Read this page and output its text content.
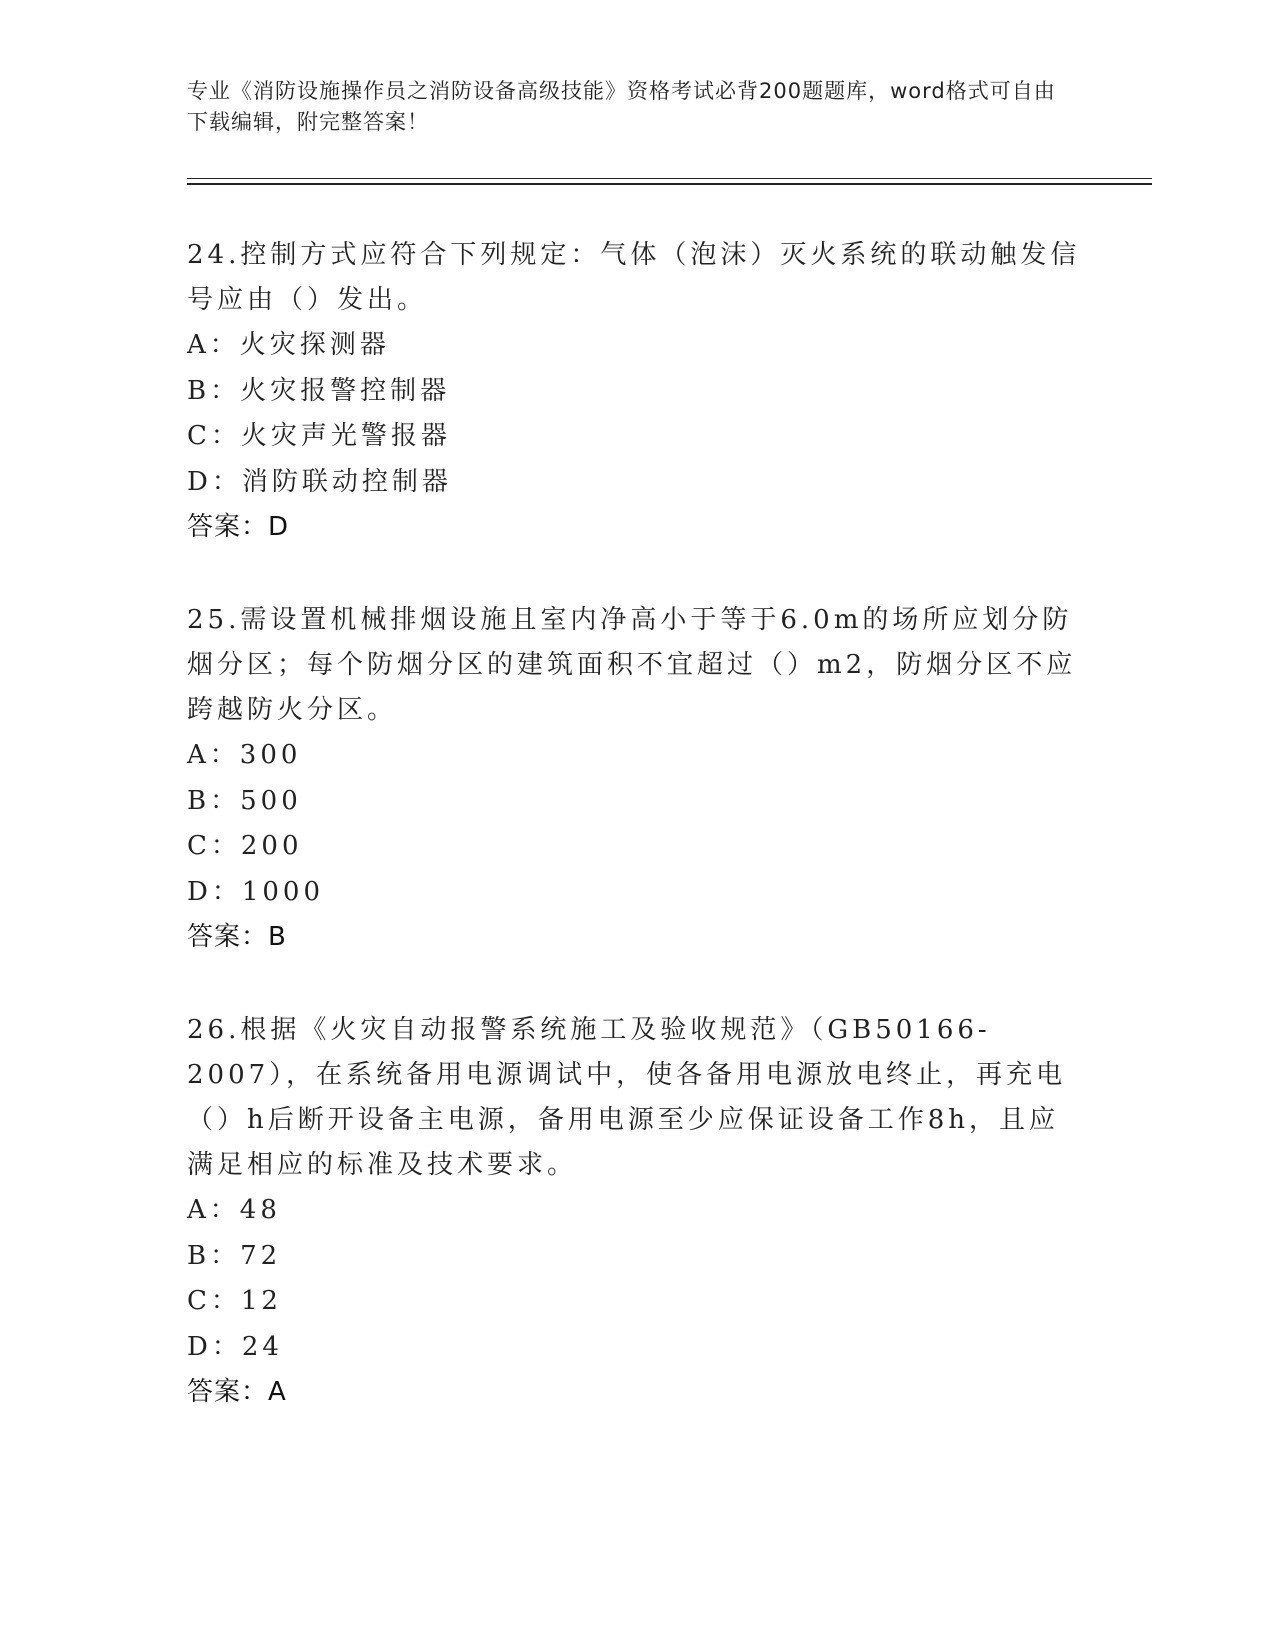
专业《消防设施操作员之消防设备高级技能》资格考试必背200题题库，word格式可自由下载编辑，附完整答案！

24.控制方式应符合下列规定：气体（泡沫）灭火系统的联动触发信号应由（）发出。

A：火灾探测器

B：火灾报警控制器

C：火灾声光警报器

D：消防联动控制器

答案：D

25.需设置机械排烟设施且室内净高小于等于6.0m的场所应划分防烟分区；每个防烟分区的建筑面积不宜超过（）m2，防烟分区不应跨越防火分区。

A：300

B：500

C：200

D：1000

答案：B

26.根据《火灾自动报警系统施工及验收规范》（GB50166-2007），在系统备用电源调试中，使各备用电源放电终止，再充电（）h后断开设备主电源，备用电源至少应保证设备工作8h，且应满足相应的标准及技术要求。

A：48

B：72

C：12

D：24

答案：A
